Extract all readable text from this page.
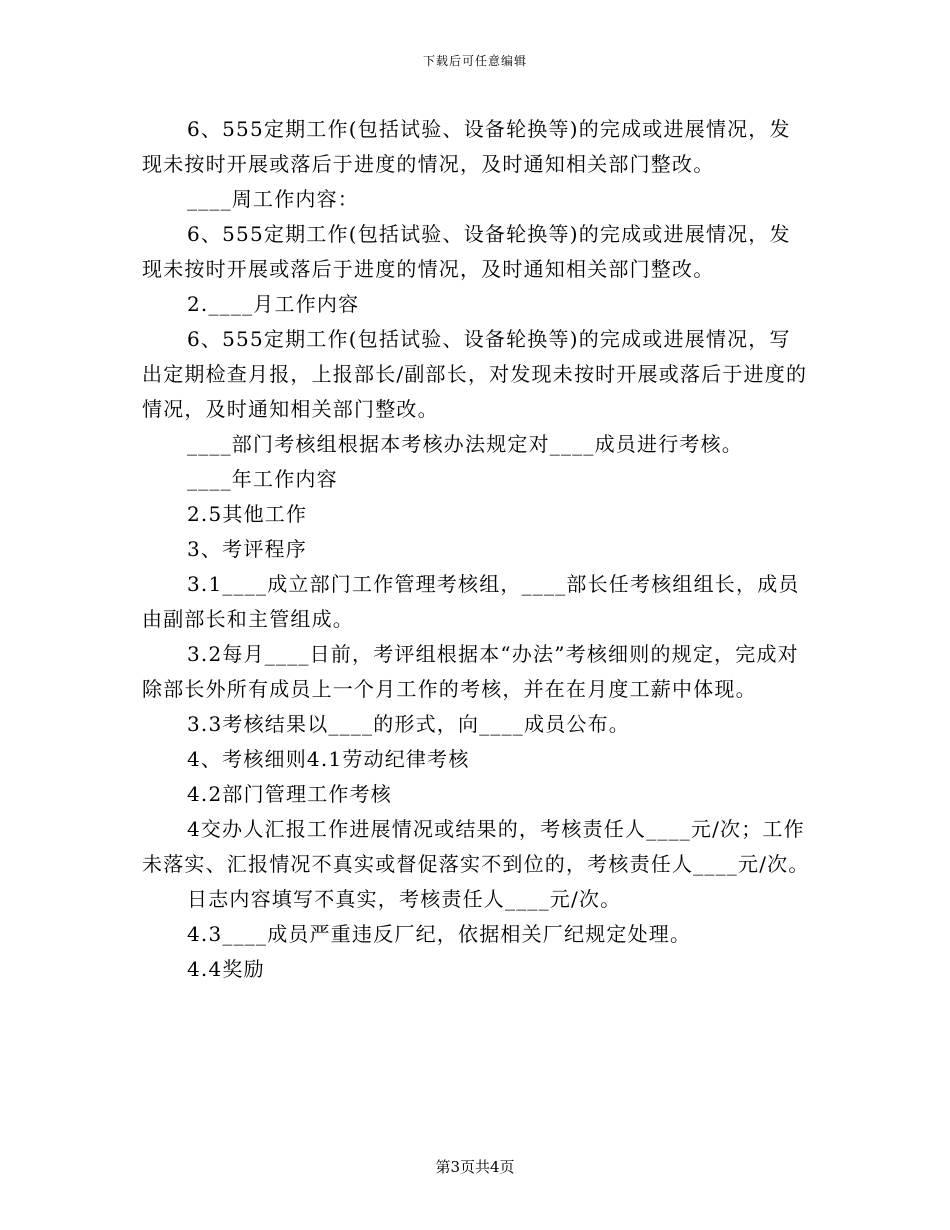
下载后可任意编辑

6、555定期工作(包括试验、设备轮换等)的完成或进展情况，发现未按时开展或落后于进度的情况，及时通知相关部门整改。

____周工作内容：

6、555定期工作(包括试验、设备轮换等)的完成或进展情况，发现未按时开展或落后于进度的情况，及时通知相关部门整改。

2.____月工作内容

6、555定期工作(包括试验、设备轮换等)的完成或进展情况，写出定期检查月报，上报部长/副部长，对发现未按时开展或落后于进度的情况，及时通知相关部门整改。

____部门考核组根据本考核办法规定对____成员进行考核。

____年工作内容

2.5其他工作

3、考评程序

3.1____成立部门工作管理考核组，____部长任考核组组长，成员由副部长和主管组成。

3.2每月____日前，考评组根据本“办法”考核细则的规定，完成对除部长外所有成员上一个月工作的考核，并在在月度工薪中体现。

3.3考核结果以____的形式，向____成员公布。

4、考核细则4.1劳动纪律考核

4.2部门管理工作考核

4交办人汇报工作进展情况或结果的，考核责任人____元/次；工作未落实、汇报情况不真实或督促落实不到位的，考核责任人____元/次。

日志内容填写不真实，考核责任人____元/次。

4.3____成员严重违反厂纪，依据相关厂纪规定处理。

4.4奖励

第3页共4页
